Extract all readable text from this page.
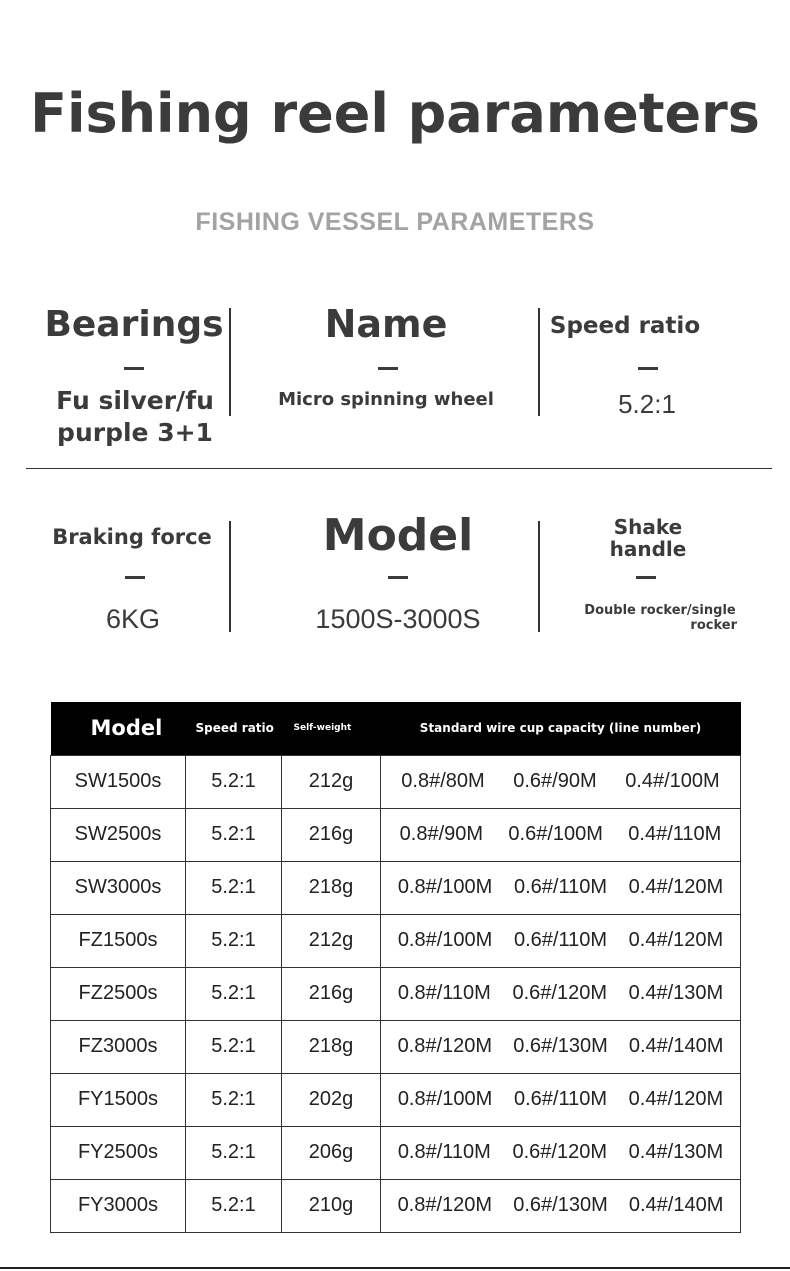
Fishing reel parameters
FISHING VESSEL PARAMETERS
Bearings
Fu silver/fu
purple 3+1
Name
Micro spinning wheel
Speed ratio
5.2:1
Braking force
6KG
Model
1500S-3000S
Shake
handle
Double rocker/single
rocker
Model	Speed ratio	Self-weight	Standard wire cup capacity (line number)
SW1500s	5.2:1	212g	0.8#/80M 0.6#/90M 0.4#/100M

SW2500s	5.2:1	216g	0.8#/90M 0.6#/100M 0.4#/110M

SW3000s	5.2:1	218g	0.8#/100M 0.6#/110M 0.4#/120M

FZ1500s	5.2:1	212g	0.8#/100M 0.6#/110M 0.4#/120M

FZ2500s	5.2:1	216g	0.8#/110M 0.6#/120M 0.4#/130M

FZ3000s	5.2:1	218g	0.8#/120M 0.6#/130M 0.4#/140M

FY1500s	5.2:1	202g	0.8#/100M 0.6#/110M 0.4#/120M

FY2500s	5.2:1	206g	0.8#/110M 0.6#/120M 0.4#/130M

FY3000s	5.2:1	210g	0.8#/120M 0.6#/130M 0.4#/140M
